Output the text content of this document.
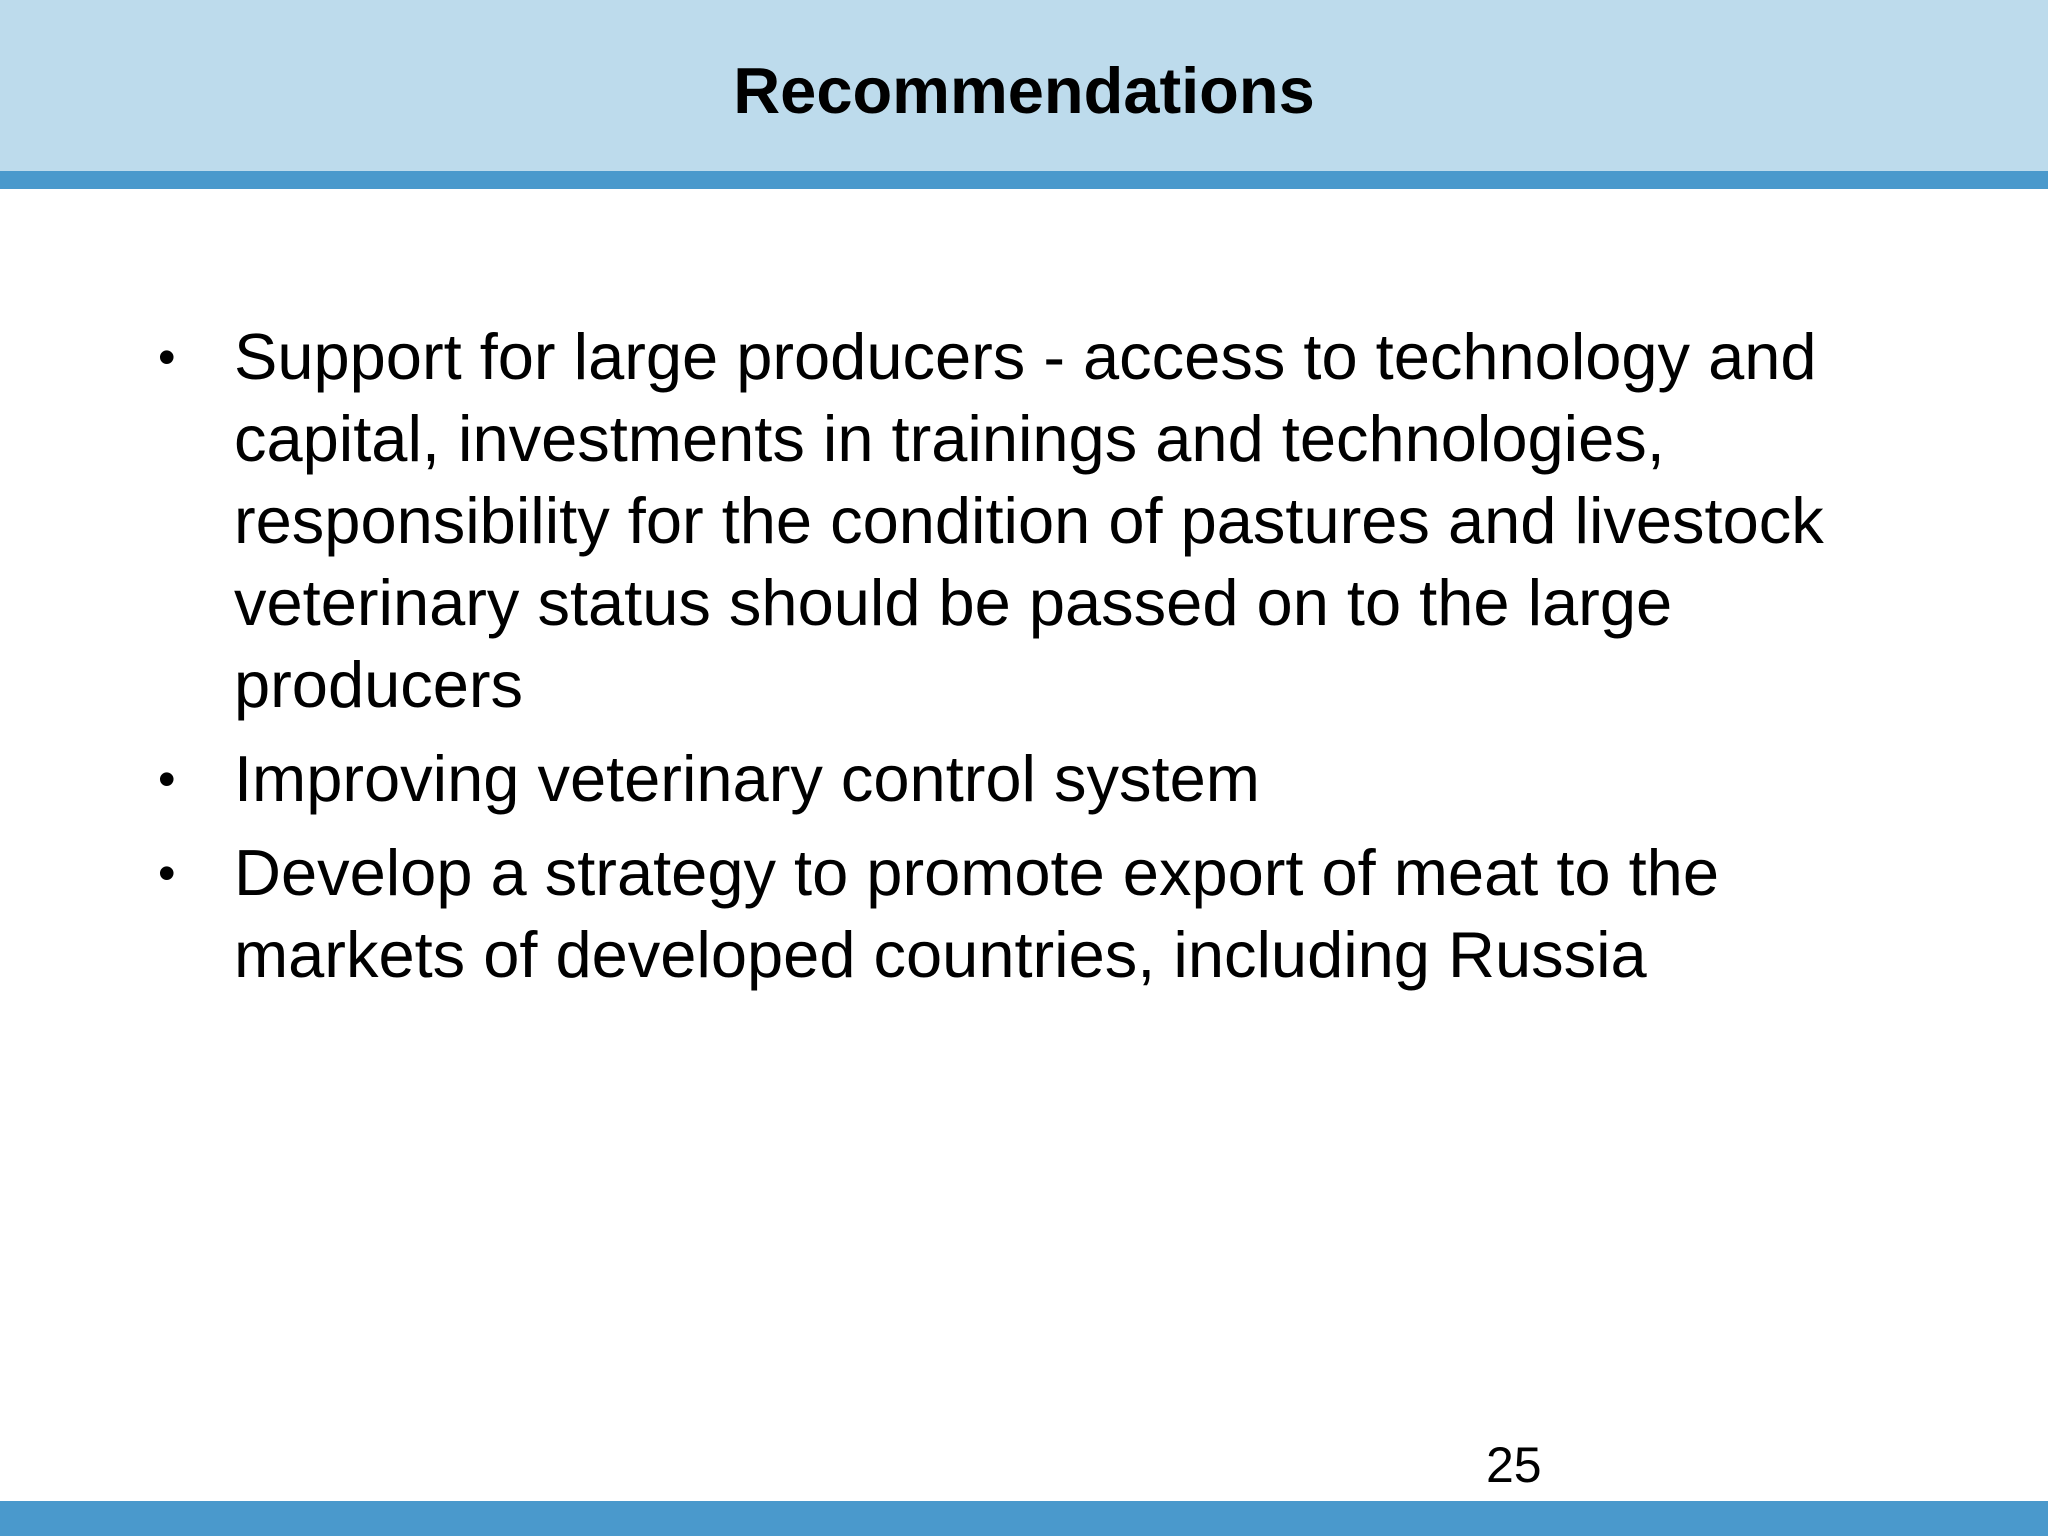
Recommendations
• Support for large producers - access to technology and capital, investments in trainings and technologies, responsibility for the condition of pastures and livestock veterinary status should be passed on to the large producers
• Improving veterinary control system
• Develop a strategy to promote export of meat to the markets of developed countries, including Russia
25
